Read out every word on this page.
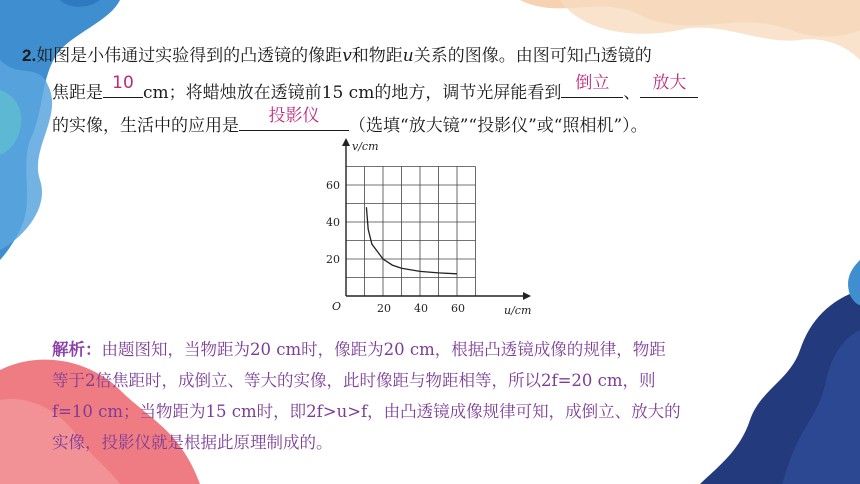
2.如图是小伟通过实验得到的凸透镜的像距v和物距u关系的图像。由图可知凸透镜的
焦距是 10 cm；将蜡烛放在透镜前15 cm的地方，调节光屏能看到 倒立 、 放大
的实像，生活中的应用是	投影仪	（选填“放大镜”“投影仪”或“照相机”）。
v/cm
u/cm
O	20 40 60
20
40
60
解析：由题图知，当物距为20 cm时，像距为20 cm，根据凸透镜成像的规律，物距
等于2倍焦距时，成倒立、等大的实像，此时像距与物距相等，所以2f=20 cm，则
f=10 cm；当物距为15 cm时，即2f>u>f，由凸透镜成像规律可知，成倒立、放大的
实像，投影仪就是根据此原理制成的。
